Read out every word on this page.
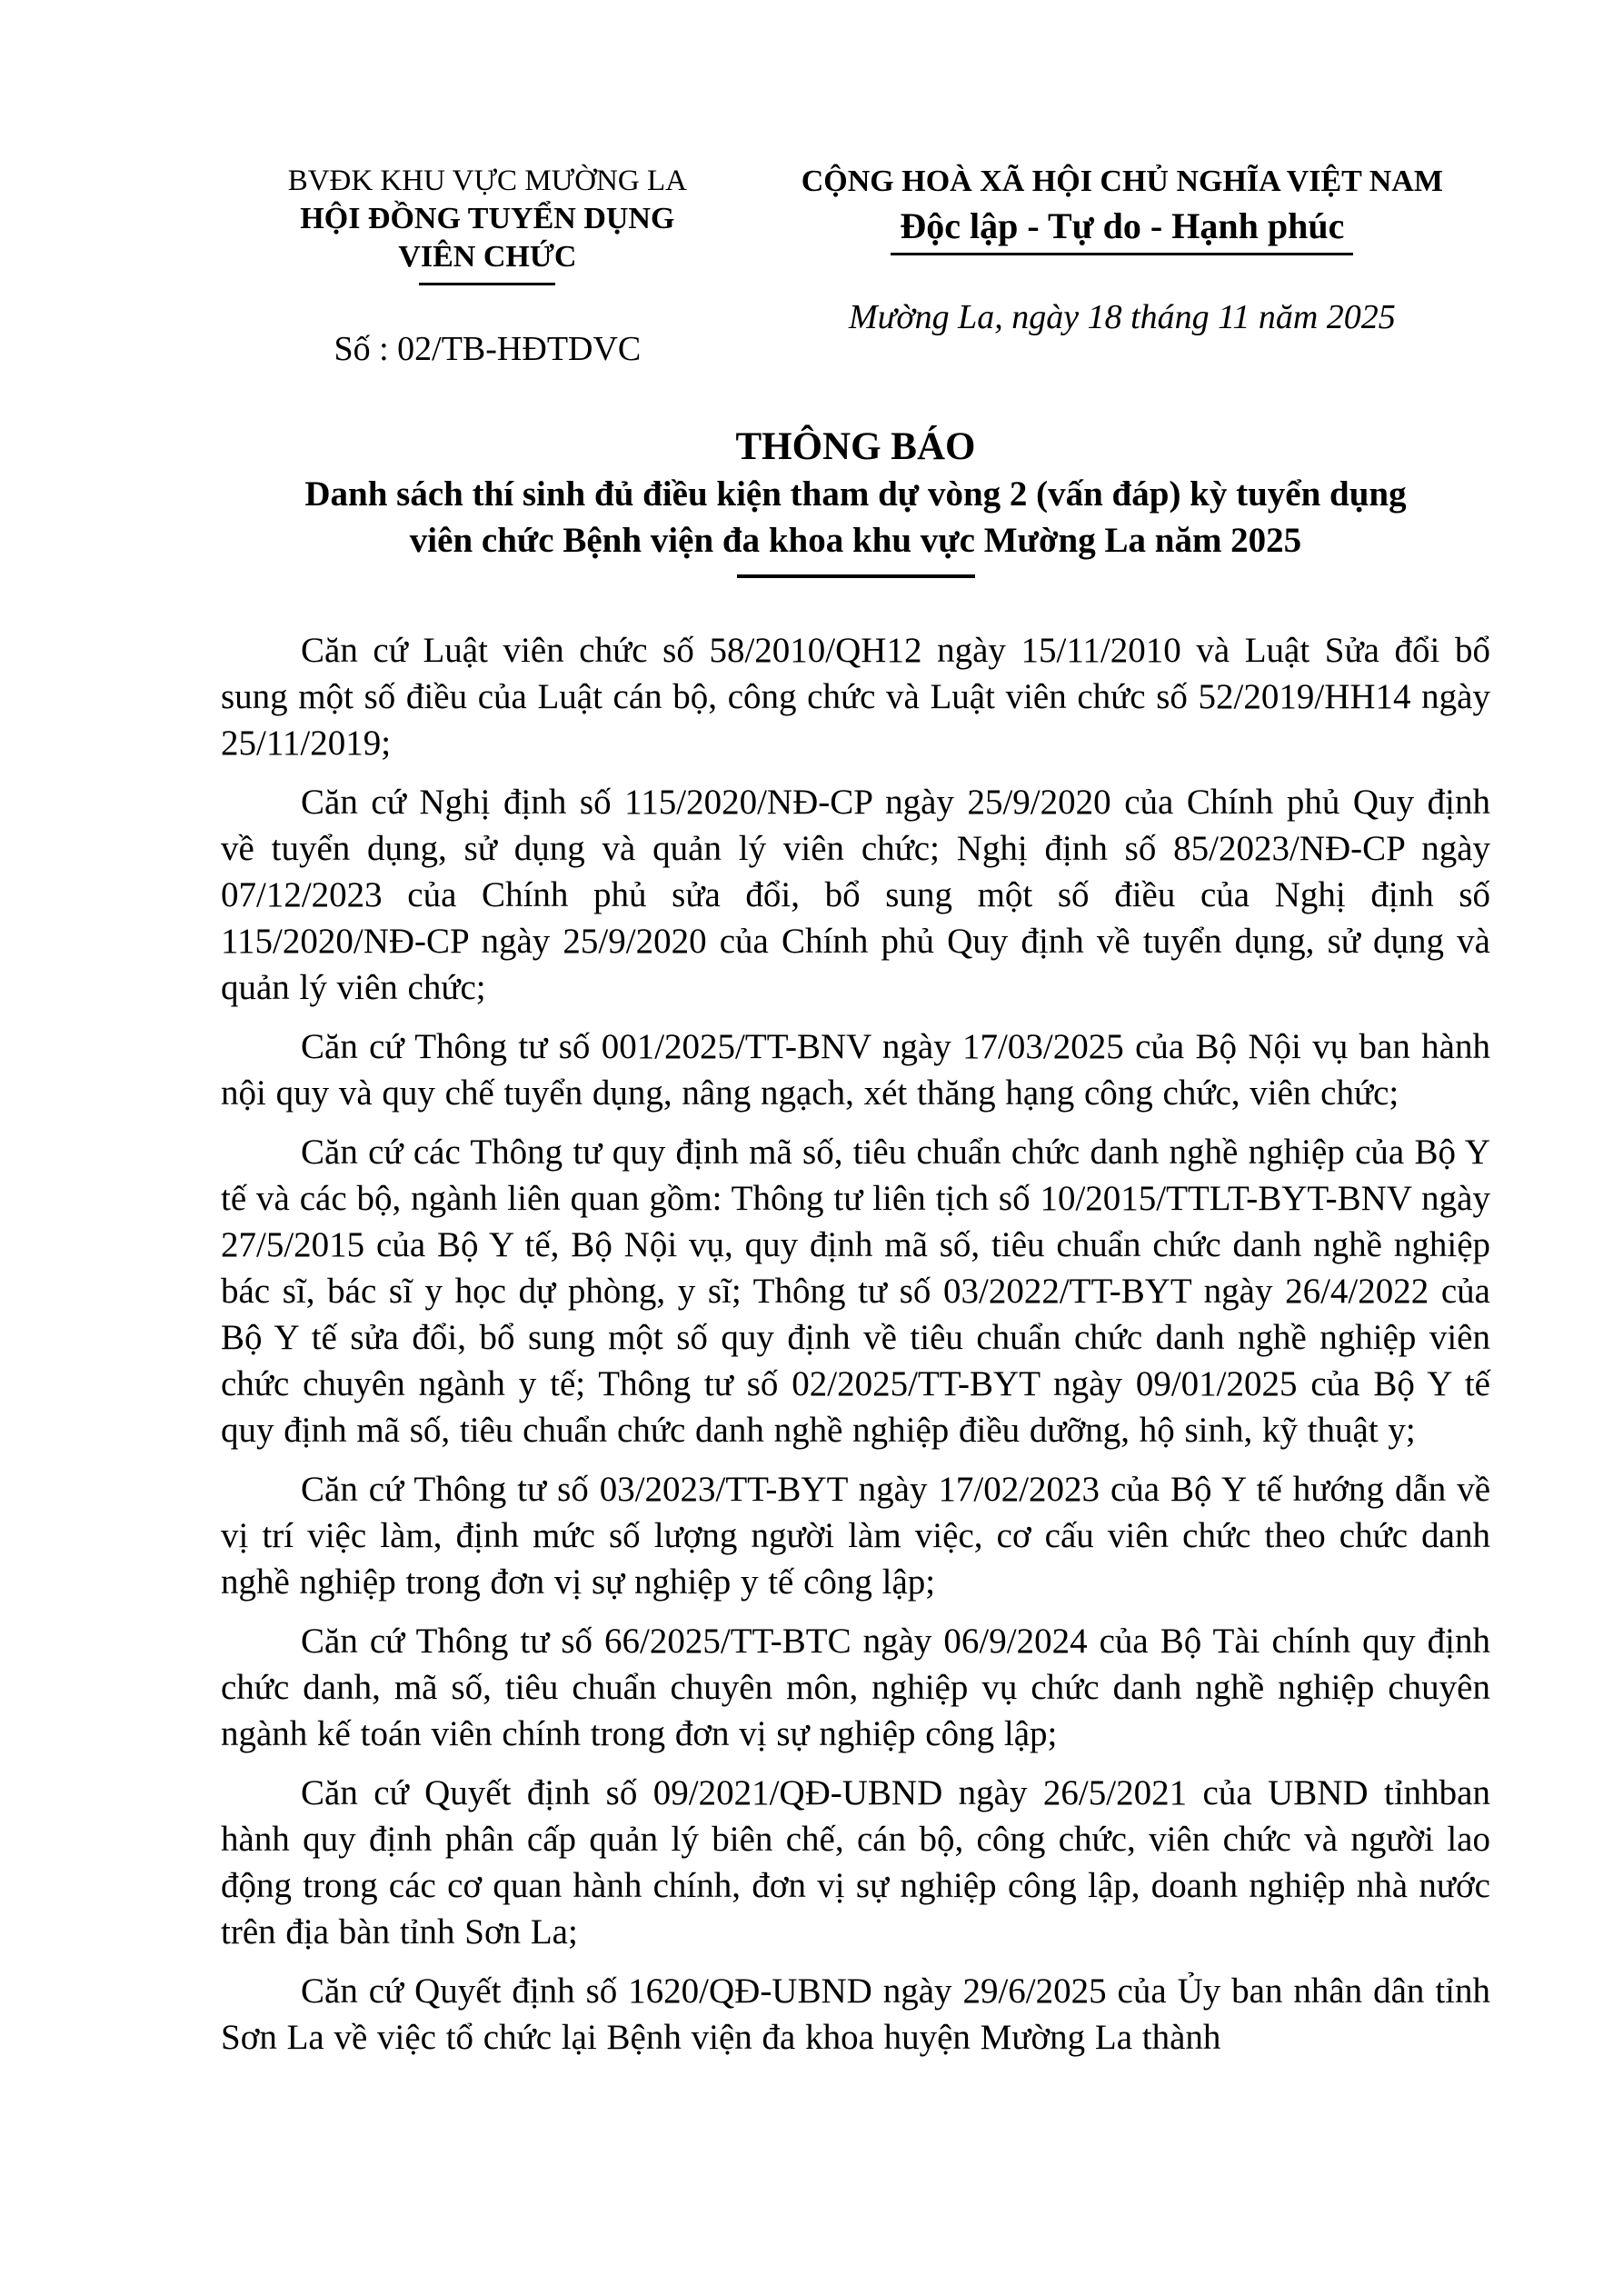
BVĐK KHU VỰC MƯỜNG LA
HỘI ĐỒNG TUYỂN DỤNG
VIÊN CHỨC
Số : 02/TB-HĐTDVC
CỘNG HOÀ XÃ HỘI CHỦ NGHĨA VIỆT NAM
Độc lập - Tự do - Hạnh phúc
Mường La, ngày 18 tháng 11 năm 2025
THÔNG BÁO
Danh sách thí sinh đủ điều kiện tham dự vòng 2 (vấn đáp) kỳ tuyển dụng
viên chức Bệnh viện đa khoa khu vực Mường La năm 2025

Căn cứ Luật viên chức số 58/2010/QH12 ngày 15/11/2010 và Luật Sửa đổi bổ sung một số điều của Luật cán bộ, công chức và Luật viên chức số 52/2019/HH14 ngày 25/11/2019;

Căn cứ Nghị định số 115/2020/NĐ-CP ngày 25/9/2020 của Chính phủ Quy định về tuyển dụng, sử dụng và quản lý viên chức; Nghị định số 85/2023/NĐ-CP ngày 07/12/2023 của Chính phủ sửa đổi, bổ sung một số điều của Nghị định số 115/2020/NĐ-CP ngày 25/9/2020 của Chính phủ Quy định về tuyển dụng, sử dụng và quản lý viên chức;

Căn cứ Thông tư số 001/2025/TT-BNV ngày 17/03/2025 của Bộ Nội vụ ban hành nội quy và quy chế tuyển dụng, nâng ngạch, xét thăng hạng công chức, viên chức;

Căn cứ các Thông tư quy định mã số, tiêu chuẩn chức danh nghề nghiệp của Bộ Y tế và các bộ, ngành liên quan gồm: Thông tư liên tịch số 10/2015/TTLT-BYT-BNV ngày 27/5/2015 của Bộ Y tế, Bộ Nội vụ, quy định mã số, tiêu chuẩn chức danh nghề nghiệp bác sĩ, bác sĩ y học dự phòng, y sĩ; Thông tư số 03/2022/TT-BYT ngày 26/4/2022 của Bộ Y tế sửa đổi, bổ sung một số quy định về tiêu chuẩn chức danh nghề nghiệp viên chức chuyên ngành y tế; Thông tư số 02/2025/TT-BYT ngày 09/01/2025 của Bộ Y tế quy định mã số, tiêu chuẩn chức danh nghề nghiệp điều dưỡng, hộ sinh, kỹ thuật y;

Căn cứ Thông tư số 03/2023/TT-BYT ngày 17/02/2023 của Bộ Y tế hướng dẫn về vị trí việc làm, định mức số lượng người làm việc, cơ cấu viên chức theo chức danh nghề nghiệp trong đơn vị sự nghiệp y tế công lập;

Căn cứ Thông tư số 66/2025/TT-BTC ngày 06/9/2024 của Bộ Tài chính quy định chức danh, mã số, tiêu chuẩn chuyên môn, nghiệp vụ chức danh nghề nghiệp chuyên ngành kế toán viên chính trong đơn vị sự nghiệp công lập;

Căn cứ Quyết định số 09/2021/QĐ-UBND ngày 26/5/2021 của UBND tỉnhban hành quy định phân cấp quản lý biên chế, cán bộ, công chức, viên chức và người lao động trong các cơ quan hành chính, đơn vị sự nghiệp công lập, doanh nghiệp nhà nước trên địa bàn tỉnh Sơn La;

Căn cứ Quyết định số 1620/QĐ-UBND ngày 29/6/2025 của Ủy ban nhân dân tỉnh Sơn La về việc tổ chức lại Bệnh viện đa khoa huyện Mường La thành
